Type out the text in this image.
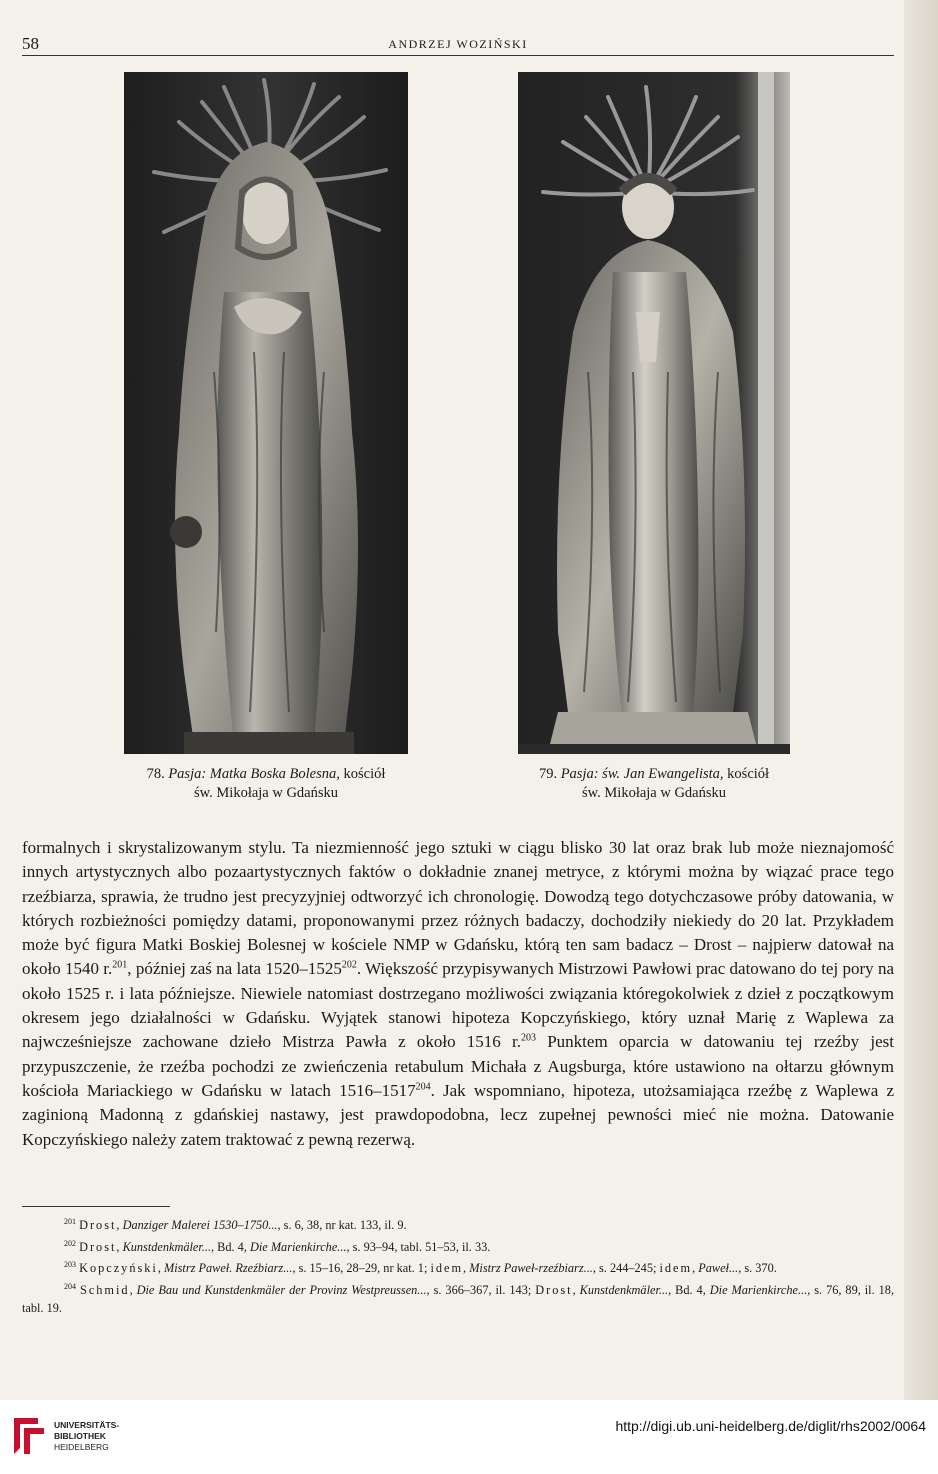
58	ANDRZEJ WOZIŃSKI
78. Pasja: Matka Boska Bolesna, kościół
św. Mikołaja w Gdańsku
79. Pasja: św. Jan Ewangelista, kościół
św. Mikołaja w Gdańsku

formalnych i skrystalizowanym stylu. Ta niezmienność jego sztuki w ciągu blisko 30 lat oraz brak lub może nieznajomość innych artystycznych albo pozaartystycznych faktów o dokładnie znanej metryce, z którymi można by wiązać prace tego rzeźbiarza, sprawia, że trudno jest precyzyjniej odtworzyć ich chronologię. Dowodzą tego dotychczasowe próby datowania, w których rozbieżności pomiędzy datami, proponowanymi przez różnych badaczy, dochodziły niekiedy do 20 lat. Przykładem może być figura Matki Boskiej Bolesnej w kościele NMP w Gdańsku, którą ten sam badacz – Drost – najpierw datował na około 1540 r.$^{201}$, później zaś na lata 1520–1525$^{202}$. Większość przypisywanych Mistrzowi Pawłowi prac datowano do tej pory na około 1525 r. i lata późniejsze. Niewiele natomiast dostrzegano możliwości związania któregokolwiek z dzieł z początkowym okresem jego działalności w Gdańsku. Wyjątek stanowi hipoteza Kopczyńskiego, który uznał Marię z Waplewa za najwcześniejsze zachowane dzieło Mistrza Pawła z około 1516 r.$^{203}$ Punktem oparcia w datowaniu tej rzeźby jest przypuszczenie, że rzeźba pochodzi ze zwieńczenia retabulum Michała z Augsburga, które ustawiono na ołtarzu głównym kościoła Mariackiego w Gdańsku w latach 1516–1517$^{204}$. Jak wspomniano, hipoteza, utożsamiająca rzeźbę z Waplewa z zaginioną Madonną z gdańskiej nastawy, jest prawdopodobna, lecz zupełnej pewności mieć nie można. Datowanie Kopczyńskiego należy zatem traktować z pewną rezerwą.

$^{201}$ Drost, Danziger Malerei 1530–1750..., s. 6, 38, nr kat. 133, il. 9.

$^{202}$ Drost, Kunstdenkmäler..., Bd. 4, Die Marienkirche..., s. 93–94, tabl. 51–53, il. 33.

$^{203}$ Kopczyński, Mistrz Paweł. Rzeźbiarz..., s. 15–16, 28–29, nr kat. 1; idem, Mistrz Paweł-rzeźbiarz..., s. 244–245; idem, Paweł..., s. 370.

$^{204}$ Schmid, Die Bau und Kunstdenkmäler der Provinz Westpreussen..., s. 366–367, il. 143; Drost, Kunstdenkmäler..., Bd. 4, Die Marienkirche..., s. 76, 89, il. 18, tabl. 19.

UNIVERSITÄTS-
BIBLIOTHEK
HEIDELBERG
http://digi.ub.uni-heidelberg.de/diglit/rhs2002/0064
